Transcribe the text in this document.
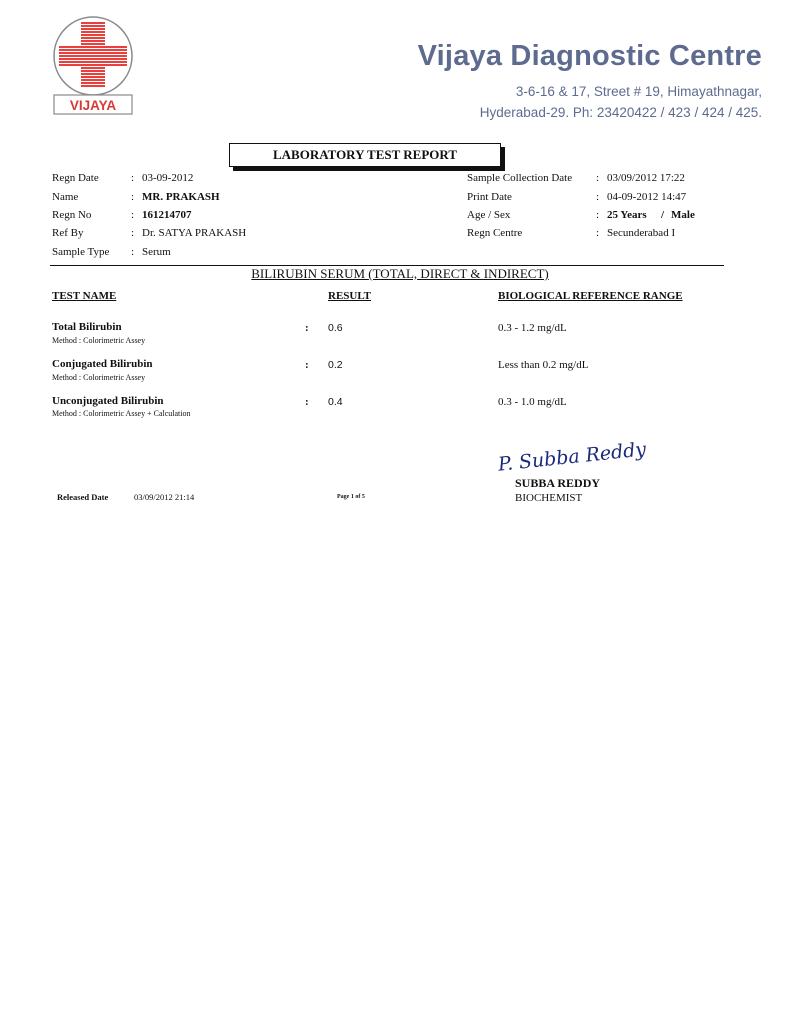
VIJAYA
Vijaya Diagnostic Centre
3-6-16 & 17, Street # 19, Himayathnagar,
Hyderabad-29. Ph: 23420422 / 423 / 424 / 425.
LABORATORY TEST REPORT
Regn Date	: 03-09-2012
Name	: MR. PRAKASH
Regn No	: 161214707
Ref By	: Dr. SATYA PRAKASH
Sample Type : Serum
Sample Collection Date : 03/09/2012 17:22
Print Date	: 04-09-2012 14:47
Age / Sex	: 25 Years / Male
Regn Centre	: Secunderabad I
BILIRUBIN SERUM (TOTAL, DIRECT & INDIRECT)
TEST NAME	RESULT	BIOLOGICAL REFERENCE RANGE
Total Bilirubin
Method : Colorimetric Assey
: 0.6	0.3 - 1.2 mg/dL
Conjugated Bilirubin
Method : Colorimetric Assey
: 0.2	Less than 0.2 mg/dL
Unconjugated Bilirubin
Method : Colorimetric Assey + Calculation
: 0.4	0.3 - 1.0 mg/dL
P. Subba Reddy
SUBBA REDDY
BIOCHEMIST
Released Date	03/09/2012 21:14	Page 1 of 5
